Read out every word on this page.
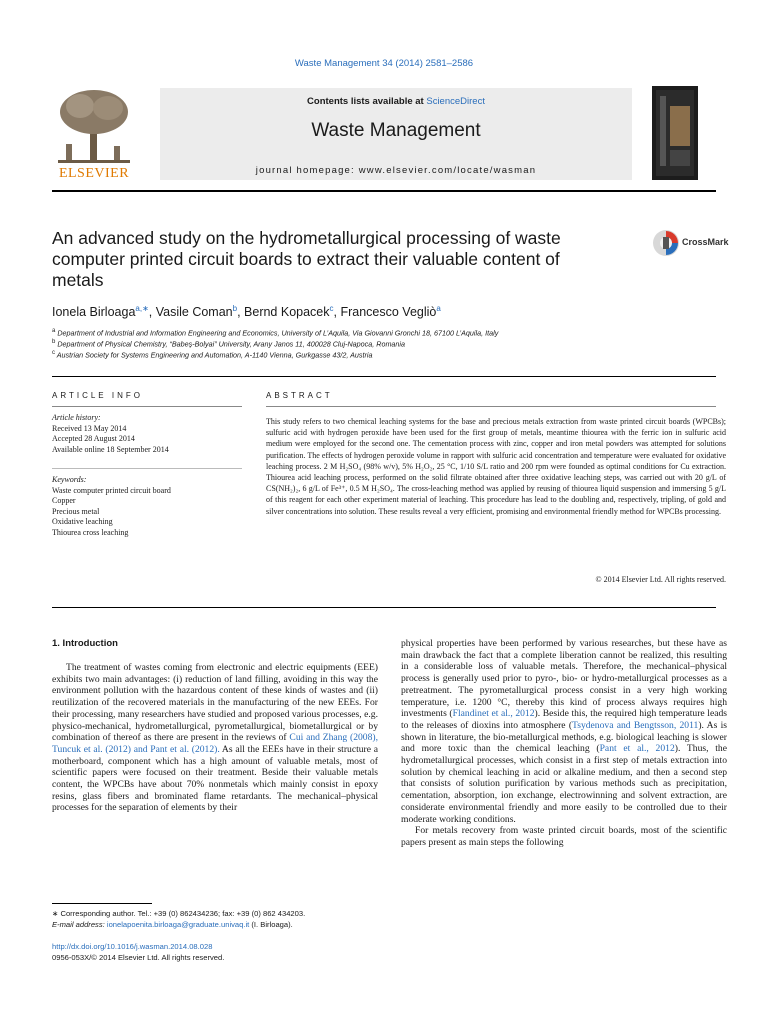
Waste Management 34 (2014) 2581–2586
ELSEVIER
Contents lists available at ScienceDirect
Waste Management
journal homepage: www.elsevier.com/locate/wasman
An advanced study on the hydrometallurgical processing of waste computer printed circuit boards to extract their valuable content of metals
CrossMark
Ionela Birloaga$^{a,∗}$, Vasile Coman$^b$, Bernd Kopacek$^c$, Francesco Vegliò$^a$
$^a$ Department of Industrial and Information Engineering and Economics, University of L’Aquila, Via Giovanni Gronchi 18, 67100 L’Aquila, Italy
$^b$ Department of Physical Chemistry, “Babeș-Bolyai” University, Arany Janos 11, 400028 Cluj-Napoca, Romania
$^c$ Austrian Society for Systems Engineering and Automation, A-1140 Vienna, Gurkgasse 43/2, Austria
ARTICLE INFO	ABSTRACT
Article history:
Received 13 May 2014
Accepted 28 August 2014
Available online 18 September 2014
Keywords:
Waste computer printed circuit board
Copper
Precious metal
Oxidative leaching
Thiourea cross leaching
This study refers to two chemical leaching systems for the base and precious metals extraction from waste printed circuit boards (WPCBs); sulfuric acid with hydrogen peroxide have been used for the first group of metals, meantime thiourea with the ferric ion in sulfuric acid medium were employed for the second one. The cementation process with zinc, copper and iron metal powders was attempted for solutions purification. The effects of hydrogen peroxide volume in rapport with sulfuric acid concentration and temperature were evaluated for oxidative leaching process. 2 M H₂SO₄ (98% w/v), 5% H₂O₂, 25 °C, 1/10 S/L ratio and 200 rpm were founded as optimal conditions for Cu extraction. Thiourea acid leaching process, performed on the solid filtrate obtained after three oxidative leaching steps, was carried out with 20 g/L of CS(NH₂)₂, 6 g/L of Fe³⁺, 0.5 M H₂SO₄. The cross-leaching method was applied by reusing of thiourea liquid suspension and immersing 5 g/L of this reagent for each other experiment material of leaching. This procedure has lead to the doubling and, respectively, tripling, of gold and silver concentrations into solution. These results reveal a very efficient, promising and environmental friendly method for WPCBs processing.
© 2014 Elsevier Ltd. All rights reserved.
1. Introduction

The treatment of wastes coming from electronic and electric equipments (EEE) exhibits two main advantages: (i) reduction of land filling, avoiding in this way the environment pollution with the hazardous content of these kinds of wastes and (ii) reutilization of the recovered materials in the manufacturing of the new EEEs. For their processing, many researchers have studied and proposed various processes, e.g. physico-mechanical, hydrometallurgical, pyrometallurgical, biometallurgical or by combination of thereof as there are present in the reviews of Cui and Zhang (2008), Tuncuk et al. (2012) and Pant et al. (2012). As all the EEEs have in their structure a motherboard, component which has a high amount of valuable metals, most of scientific papers were focused on their treatment. Beside their valuable metals content, the WPCBs have about 70% nonmetals which mainly consist in epoxy resins, glass fibers and brominated flame retardants. The mechanical–physical processes for the separation of elements by their

physical properties have been performed by various researches, but these have as main drawback the fact that a complete liberation cannot be realized, this resulting in a considerable loss of valuable metals. Therefore, the mechanical–physical process is generally used prior to pyro-, bio- or hydro-metallurgical processes as a pretreatment. The pyrometallurgical process consist in a very high working temperature, i.e. 1200 °C, thereby this kind of process always requires high investments (Flandinet et al., 2012). Beside this, the required high temperature leads to the releases of dioxins into atmosphere (Tsydenova and Bengtsson, 2011). As is shown in literature, the bio-metallurgical methods, e.g. biological leaching is slower and more toxic than the chemical leaching (Pant et al., 2012). Thus, the hydrometallurgical processes, which consist in a first step of metals extraction into solution by chemical leaching in acid or alkaline medium, and then a second step that consists of solution purification by various methods such as precipitation, cementation, absorption, ion exchange, electrowinning and solvent extraction, are considerate environmental friendly and more easily to be controlled due to their moderate working conditions.

For metals recovery from waste printed circuit boards, most of the scientific papers present as main steps the following

∗ Corresponding author. Tel.: +39 (0) 862434236; fax: +39 (0) 862 434203.
E-mail address: ionelapoenita.birloaga@graduate.univaq.it (I. Birloaga).
http://dx.doi.org/10.1016/j.wasman.2014.08.028
0956-053X/© 2014 Elsevier Ltd. All rights reserved.
